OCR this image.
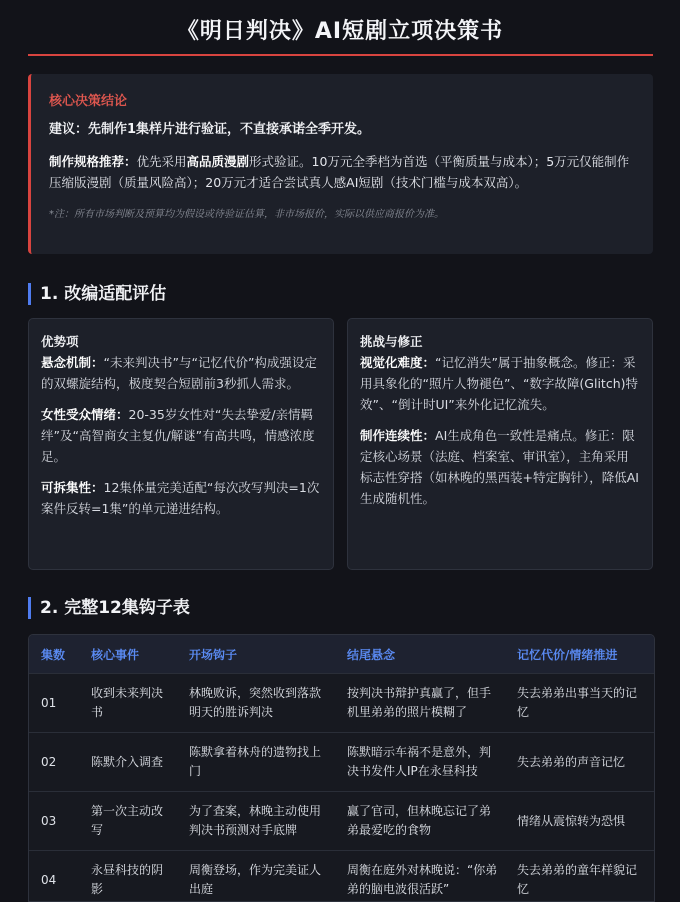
《明日判决》AI短剧立项决策书
核心决策结论
建议：先制作1集样片进行验证，不直接承诺全季开发。
制作规格推荐：优先采用高品质漫剧形式验证。10万元全季档为首选（平衡质量与成本）；5万元仅能制作压缩版漫剧（质量风险高）；20万元才适合尝试真人感AI短剧（技术门槛与成本双高）。
*注：所有市场判断及预算均为假设或待验证估算，非市场报价，实际以供应商报价为准。
1. 改编适配评估
优势项
悬念机制：“未来判决书”与“记忆代价”构成强设定的双螺旋结构，极度契合短剧前3秒抓人需求。
女性受众情绪：20-35岁女性对“失去挚爱/亲情羁绊”及“高智商女主复仇/解谜”有高共鸣，情感浓度足。
可拆集性：12集体量完美适配“每次改写判决=1次案件反转=1集”的单元递进结构。
挑战与修正
视觉化难度：“记忆消失”属于抽象概念。修正：采用具象化的“照片人物褪色”、“数字故障(Glitch)特效”、“倒计时UI”来外化记忆流失。
制作连续性：AI生成角色一致性是痛点。修正：限定核心场景（法庭、档案室、审讯室），主角采用标志性穿搭（如林晚的黑西装+特定胸针），降低AI生成随机性。
2. 完整12集钩子表
集数	核心事件	开场钩子	结尾悬念	记忆代价/情绪推进
01	收到未来判决书	林晚败诉，突然收到落款明天的胜诉判决	按判决书辩护真赢了，但手机里弟弟的照片模糊了	失去弟弟出事当天的记忆
02	陈默介入调查	陈默拿着林舟的遗物找上门	陈默暗示车祸不是意外，判决书发件人IP在永昼科技	失去弟弟的声音记忆
03	第一次主动改写	为了查案，林晚主动使用判决书预测对手底牌	赢了官司，但林晚忘记了弟弟最爱吃的食物	情绪从震惊转为恐惧
04	永昼科技的阴影	周衡登场，作为完美证人出庭	周衡在庭外对林晚说：“你弟弟的脑电波很活跃”	失去弟弟的童年样貌记忆
